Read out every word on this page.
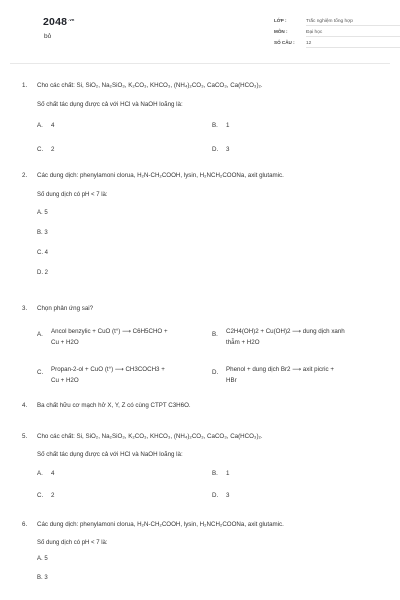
$2048^{.vn}$
bỏ
LỚP :	Trắc nghiệm tổng hợp
MÔN :	Đại học
SỐ CÂU :	12
1.	Cho các chất: Si, SiO₂, Na₂SiO₃, K₂CO₃, KHCO₃, (NH₄)₂CO₃, CaCO₃, Ca(HCO₃)₂.
Số chất tác dụng được cả với HCl và NaOH loãng là:
A. 4	B. 1
C. 2	D. 3
2.	Các dung dịch: phenylamoni clorua, H₂N-CH₂COOH, lysin, H₂NCH₂COONa, axit glutamic.
Số dung dịch có pH < 7 là:
A. 5
B. 3
C. 4
D. 2
3.	Chọn phản ứng sai?
A.	Ancol benzylic + CuO (t°) ⟶ C6H5CHO +
Cu + H2O
B.	C2H4(OH)2 + Cu(OH)2 ⟶ dung dịch xanh
thẫm + H2O
C.	Propan-2-ol + CuO (t°) ⟶ CH3COCH3 +
Cu + H2O
D.	Phenol + dung dịch Br2 ⟶ axit picric +
HBr
4.	Ba chất hữu cơ mạch hở X, Y, Z có cùng CTPT C3H6O.
5.	Cho các chất: Si, SiO₂, Na₂SiO₃, K₂CO₃, KHCO₃, (NH₄)₂CO₃, CaCO₃, Ca(HCO₃)₂.
Số chất tác dụng được cả với HCl và NaOH loãng là:
A. 4	B. 1
C. 2	D. 3
6.	Các dung dịch: phenylamoni clorua, H₂N-CH₂COOH, lysin, H₂NCH₂COONa, axit glutamic.
Số dung dịch có pH < 7 là:
A. 5
B. 3
